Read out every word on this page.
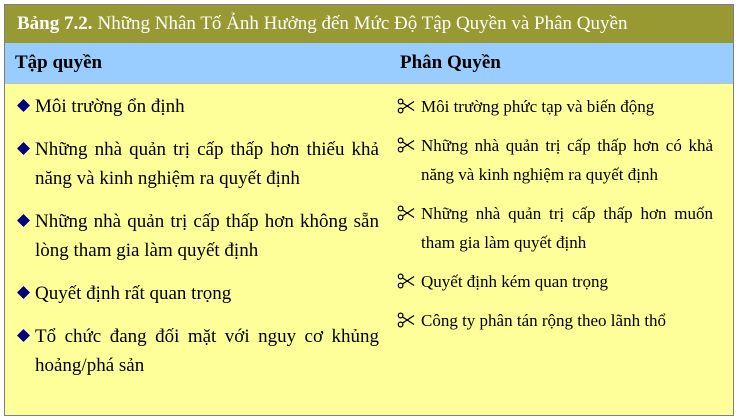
Bảng 7.2. Những Nhân Tố Ảnh Hưởng đến Mức Độ Tập Quyền và Phân Quyền
Tập quyền	Phân Quyền
Môi trường ổn định
Những nhà quản trị cấp thấp hơn thiếu khả năng và kinh nghiệm ra quyết định
Những nhà quản trị cấp thấp hơn không sẵn lòng tham gia làm quyết định
Quyết định rất quan trọng
Tổ chức đang đối mặt với nguy cơ khủng hoảng/phá sản
Môi trường phức tạp và biến động
Những nhà quản trị cấp thấp hơn có khả năng và kinh nghiệm ra quyết định
Những nhà quản trị cấp thấp hơn muốn tham gia làm quyết định
Quyết định kém quan trọng
Công ty phân tán rộng theo lãnh thổ
